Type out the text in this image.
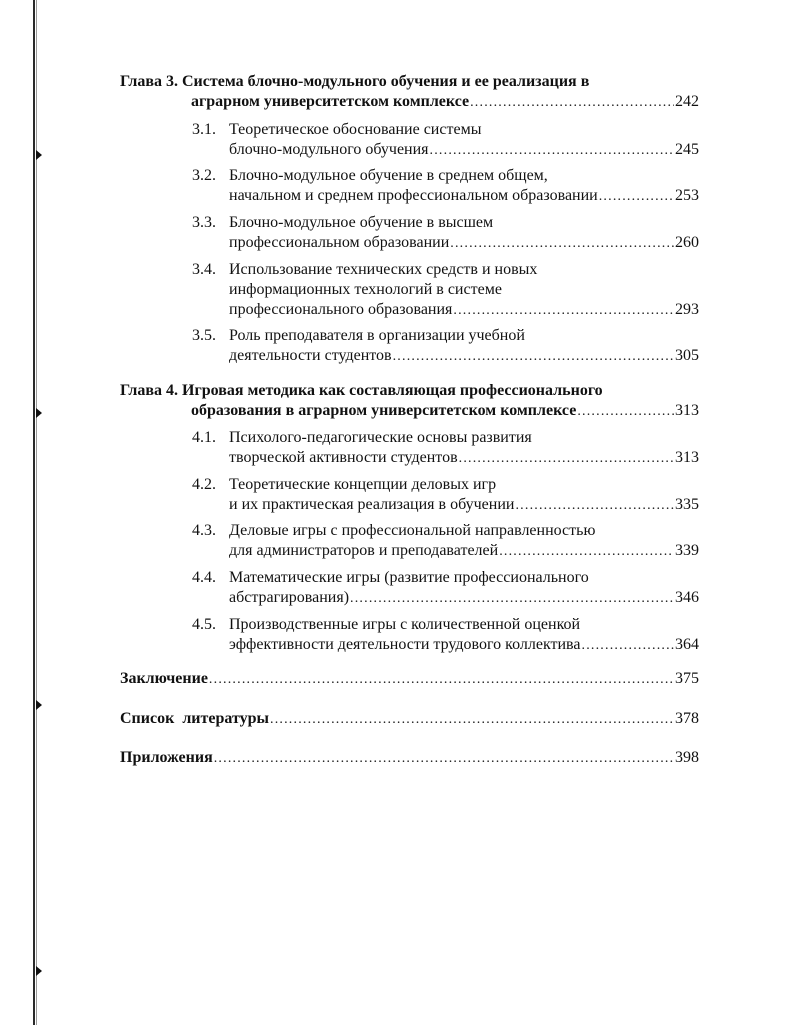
Глава 3.
Система блочно-модульного обучения и ее реализация в
аграрном университетском комплексе .....	242
3.1. Теоретическое обоснование системы
блочно-модульного обучения .....	245
3.2. Блочно-модульное обучение в среднем общем,
начальном и среднем профессиональном образовании .....	253
3.3. Блочно-модульное обучение в высшем
профессиональном образовании .....	260
3.4. Использование технических средств и новых
информационных технологий в системе
профессионального образования .....	293
3.5. Роль преподавателя в организации учебной
деятельности студентов .....	305
Глава 4.
Игровая методика как составляющая профессионального
образования в аграрном университетском комплексе .....	313
4.1. Психолого-педагогические основы развития
творческой активности студентов .....	313
4.2. Теоретические концепции деловых игр
и их практическая реализация в обучении .....	335
4.3. Деловые игры с профессиональной направленностью
для администраторов и преподавателей .....	339
4.4. Математические игры (развитие профессионального
абстрагирования) .....	346
4.5. Производственные игры с количественной оценкой
эффективности деятельности трудового коллектива .....	364
Заключение .....	375
Список  литературы .....	378
Приложения .....	398
